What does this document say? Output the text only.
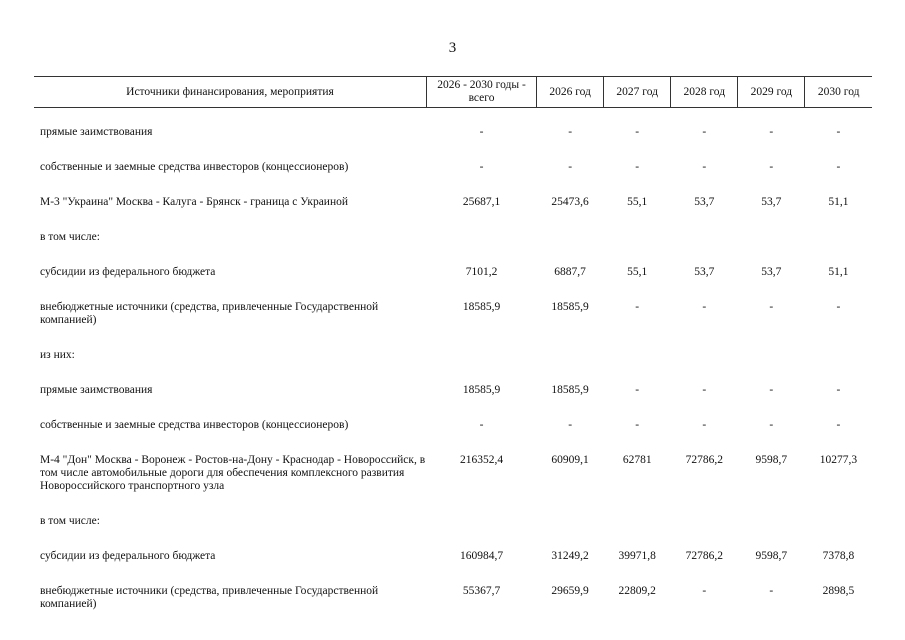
3
Источники финансирования, мероприятия	2026 - 2030 годы - всего	2026 год	2027 год	2028 год	2029 год	2030 год
прямые заимствования	-	-	-	-	-	-
собственные и заемные средства инвесторов (концессионеров)	-	-	-	-	-	-
М-3 "Украина" Москва - Калуга - Брянск - граница с Украиной	25687,1	25473,6	55,1	53,7	53,7	51,1
в том числе:						
субсидии из федерального бюджета	7101,2	6887,7	55,1	53,7	53,7	51,1
внебюджетные источники (средства, привлеченные Государственной компанией)	18585,9	18585,9	-	-	-	-
из них:						
прямые заимствования	18585,9	18585,9	-	-	-	-
собственные и заемные средства инвесторов (концессионеров)	-	-	-	-	-	-
М-4 "Дон" Москва - Воронеж - Ростов-на-Дону - Краснодар - Новороссийск, в том числе автомобильные дороги для обеспечения комплексного развития Новороссийского транспортного узла	216352,4	60909,1	62781	72786,2	9598,7	10277,3
в том числе:						
субсидии из федерального бюджета	160984,7	31249,2	39971,8	72786,2	9598,7	7378,8
внебюджетные источники (средства, привлеченные Государственной компанией)	55367,7	29659,9	22809,2	-	-	2898,5
